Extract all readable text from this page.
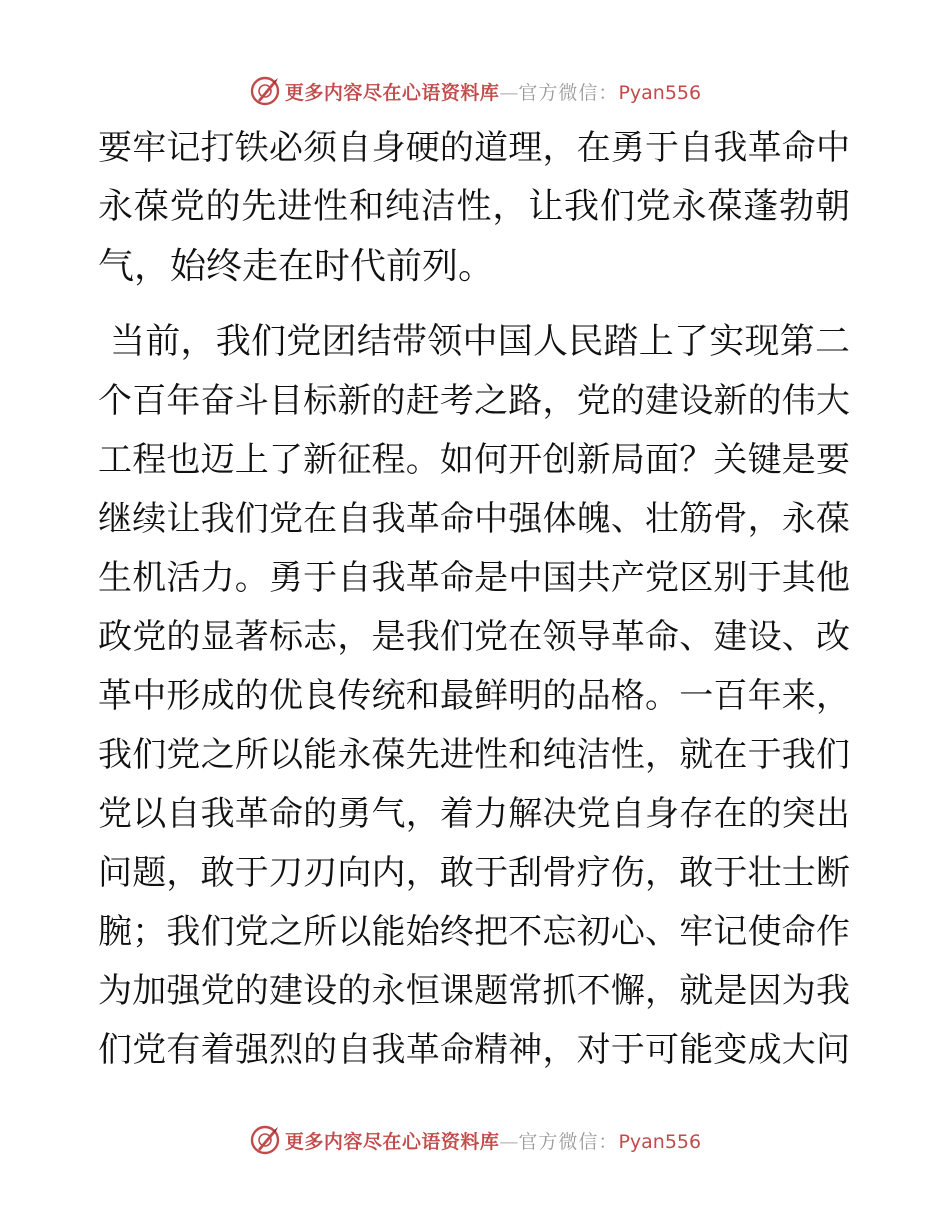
更多内容尽在心语资料库 — 官方微信： Pyan556
要牢记打铁必须自身硬的道理，在勇于自我革命中
永葆党的先进性和纯洁性，让我们党永葆蓬勃朝
气，始终走在时代前列。
当前，我们党团结带领中国人民踏上了实现第二
个百年奋斗目标新的赶考之路，党的建设新的伟大
工程也迈上了新征程。如何开创新局面？关键是要
继续让我们党在自我革命中强体魄、壮筋骨，永葆
生机活力。勇于自我革命是中国共产党区别于其他
政党的显著标志，是我们党在领导革命、建设、改
革中形成的优良传统和最鲜明的品格。一百年来，
我们党之所以能永葆先进性和纯洁性，就在于我们
党以自我革命的勇气，着力解决党自身存在的突出
问题，敢于刀刃向内，敢于刮骨疗伤，敢于壮士断
腕；我们党之所以能始终把不忘初心、牢记使命作
为加强党的建设的永恒课题常抓不懈，就是因为我
们党有着强烈的自我革命精神，对于可能变成大问
更多内容尽在心语资料库 — 官方微信： Pyan556
